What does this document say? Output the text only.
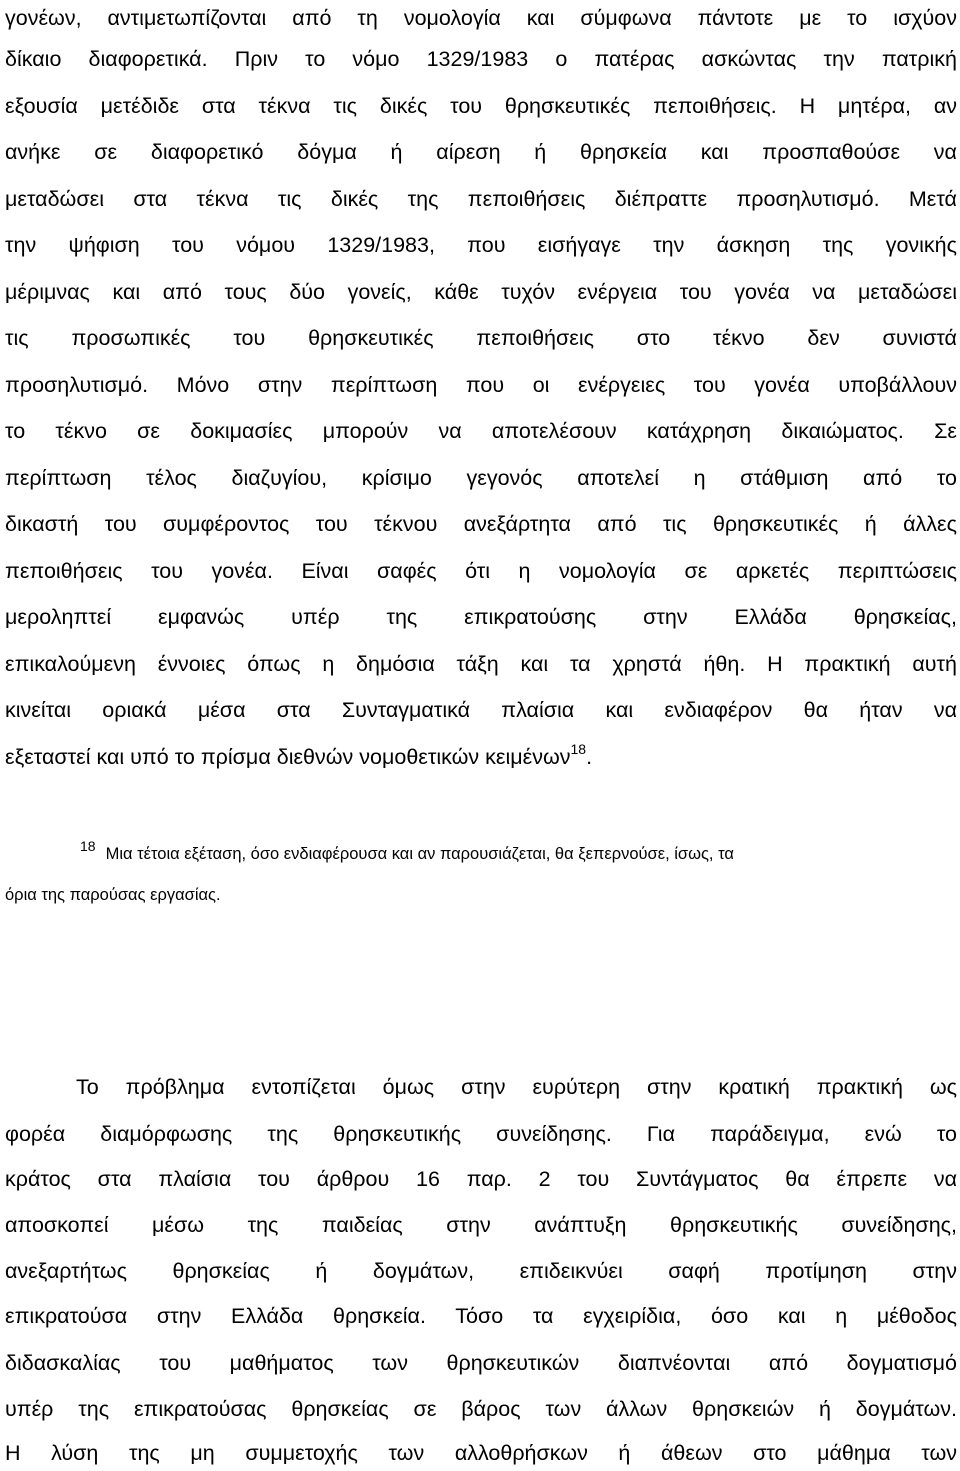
γονέων, αντιμετωπίζονται από τη νομολογία και σύμφωνα πάντοτε με το ισχύον
δίκαιο διαφορετικά. Πριν το νόμο 1329/1983 ο πατέρας ασκώντας την πατρική
εξουσία μετέδιδε στα τέκνα τις δικές του θρησκευτικές πεποιθήσεις. Η μητέρα, αν
ανήκε σε διαφορετικό δόγμα ή αίρεση ή θρησκεία και προσπαθούσε να
μεταδώσει στα τέκνα τις δικές της πεποιθήσεις διέπραττε προσηλυτισμό. Μετά
την ψήφιση του νόμου 1329/1983, που εισήγαγε την άσκηση της γονικής
μέριμνας και από τους δύο γονείς, κάθε τυχόν ενέργεια του γονέα να μεταδώσει
τις προσωπικές του θρησκευτικές πεποιθήσεις στο τέκνο δεν συνιστά
προσηλυτισμό. Μόνο στην περίπτωση που οι ενέργειες του γονέα υποβάλλουν
το τέκνο σε δοκιμασίες μπορούν να αποτελέσουν κατάχρηση δικαιώματος. Σε
περίπτωση τέλος διαζυγίου, κρίσιμο γεγονός αποτελεί η στάθμιση από το
δικαστή του συμφέροντος του τέκνου ανεξάρτητα από τις θρησκευτικές ή άλλες
πεποιθήσεις του γονέα. Είναι σαφές ότι η νομολογία σε αρκετές περιπτώσεις
μεροληπτεί εμφανώς υπέρ της επικρατούσης στην Ελλάδα θρησκείας,
επικαλούμενη έννοιες όπως η δημόσια τάξη και τα χρηστά ήθη. Η πρακτική αυτή
κινείται οριακά μέσα στα Συνταγματικά πλαίσια και ενδιαφέρον θα ήταν να
εξεταστεί και υπό το πρίσμα διεθνών νομοθετικών κειμένων$^{18}$.
$^{18}$ Μια τέτοια εξέταση, όσο ενδιαφέρουσα και αν παρουσιάζεται, θα ξεπερνούσε, ίσως, τα
όρια της παρούσας εργασίας.
Το πρόβλημα εντοπίζεται όμως στην ευρύτερη στην κρατική πρακτική ως
φορέα διαμόρφωσης της θρησκευτικής συνείδησης. Για παράδειγμα, ενώ το
κράτος στα πλαίσια του άρθρου 16 παρ. 2 του Συντάγματος θα έπρεπε να
αποσκοπεί μέσω της παιδείας στην ανάπτυξη θρησκευτικής συνείδησης,
ανεξαρτήτως θρησκείας ή δογμάτων, επιδεικνύει σαφή προτίμηση στην
επικρατούσα στην Ελλάδα θρησκεία. Τόσο τα εγχειρίδια, όσο και η μέθοδος
διδασκαλίας του μαθήματος των θρησκευτικών διαπνέονται από δογματισμό
υπέρ της επικρατούσας θρησκείας σε βάρος των άλλων θρησκειών ή δογμάτων.
Η λύση της μη συμμετοχής των αλλοθρήσκων ή άθεων στο μάθημα των
